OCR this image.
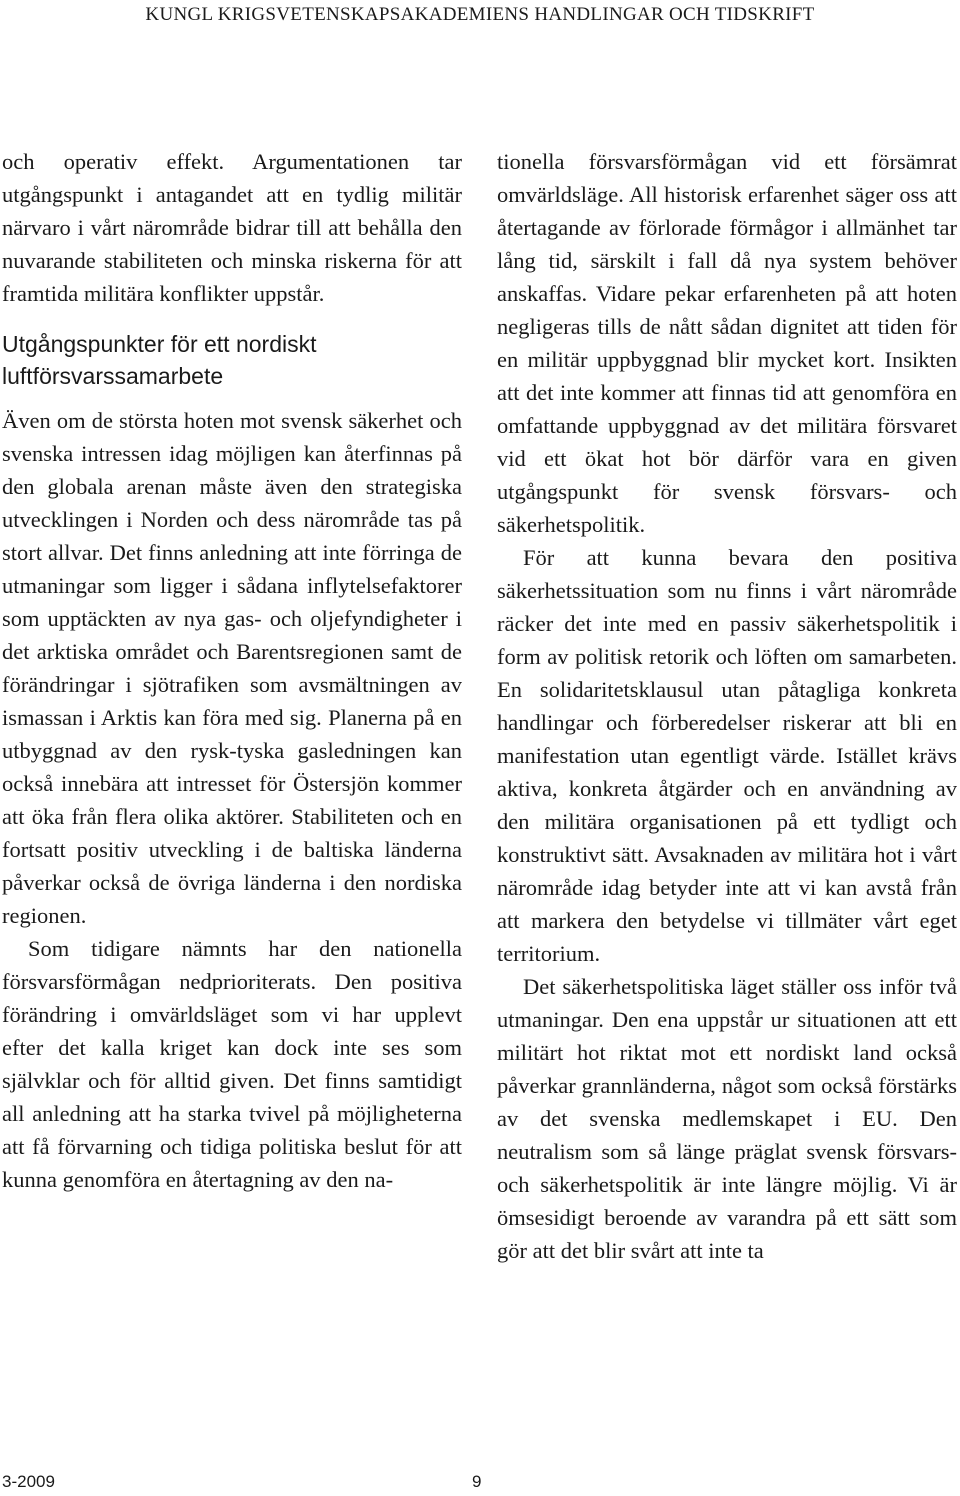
KUNGL KRIGSVETENSKAPSAKADEMIENS HANDLINGAR OCH TIDSKRIFT

och operativ effekt. Argumentationen tar utgångspunkt i antagandet att en tydlig militär närvaro i vårt närområde bidrar till att behålla den nuvarande stabiliteten och minska riskerna för att framtida militära konflikter uppstår.

Utgångspunkter för ett nordiskt luftförsvarssamarbete

Även om de största hoten mot svensk säkerhet och svenska intressen idag möjligen kan återfinnas på den globala arenan måste även den strategiska utvecklingen i Norden och dess närområde tas på stort allvar. Det finns anledning att inte förringa de utmaningar som ligger i sådana inflytelsefaktorer som upptäckten av nya gas- och oljefyndigheter i det arktiska området och Barentsregionen samt de förändringar i sjötrafiken som avsmältningen av ismassan i Arktis kan föra med sig. Planerna på en utbyggnad av den rysk-tyska gasledningen kan också innebära att intresset för Östersjön kommer att öka från flera olika aktörer. Stabiliteten och en fortsatt positiv utveckling i de baltiska länderna påverkar också de övriga länderna i den nordiska regionen.

Som tidigare nämnts har den nationella försvarsförmågan nedprioriterats. Den positiva förändring i omvärldsläget som vi har upplevt efter det kalla kriget kan dock inte ses som självklar och för alltid given. Det finns samtidigt all anledning att ha starka tvivel på möjligheterna att få förvarning och tidiga politiska beslut för att kunna genomföra en återtagning av den na-

tionella försvarsförmågan vid ett försämrat omvärldsläge. All historisk erfarenhet säger oss att återtagande av förlorade förmågor i allmänhet tar lång tid, särskilt i fall då nya system behöver anskaffas. Vidare pekar erfarenheten på att hoten negligeras tills de nått sådan dignitet att tiden för en militär uppbyggnad blir mycket kort. Insikten att det inte kommer att finnas tid att genomföra en omfattande uppbyggnad av det militära försvaret vid ett ökat hot bör därför vara en given utgångspunkt för svensk försvars- och säkerhetspolitik.

För att kunna bevara den positiva säkerhetssituation som nu finns i vårt närområde räcker det inte med en passiv säkerhetspolitik i form av politisk retorik och löften om samarbeten. En solidaritetsklausul utan påtagliga konkreta handlingar och förberedelser riskerar att bli en manifestation utan egentligt värde. Istället krävs aktiva, konkreta åtgärder och en användning av den militära organisationen på ett tydligt och konstruktivt sätt. Avsaknaden av militära hot i vårt närområde idag betyder inte att vi kan avstå från att markera den betydelse vi tillmäter vårt eget territorium.

Det säkerhetspolitiska läget ställer oss inför två utmaningar. Den ena uppstår ur situationen att ett militärt hot riktat mot ett nordiskt land också påverkar grannländerna, något som också förstärks av det svenska medlemskapet i EU. Den neutralism som så länge präglat svensk försvars- och säkerhetspolitik är inte längre möjlig. Vi är ömsesidigt beroende av varandra på ett sätt som gör att det blir svårt att inte ta

3-2009	9
